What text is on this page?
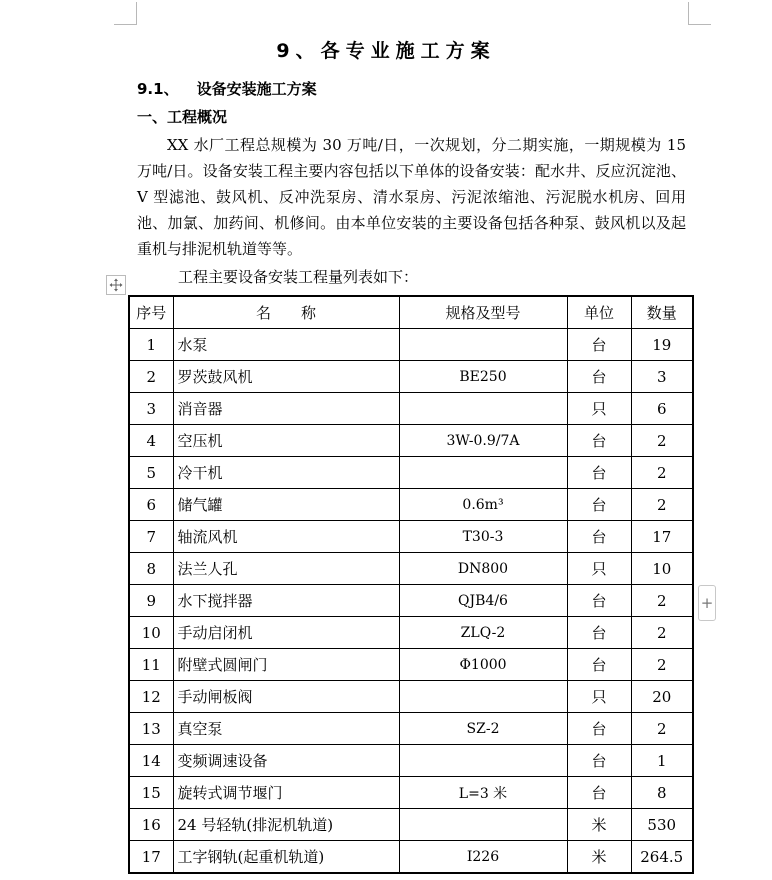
9、各专业施工方案
9.1、 设备安装施工方案
一、工程概况
XX 水厂工程总规模为 30 万吨/日，一次规划，分二期实施，一期规模为 15 万吨/日。设备安装工程主要内容包括以下单体的设备安装：配水井、反应沉淀池、V 型滤池、鼓风机、反冲洗泵房、清水泵房、污泥浓缩池、污泥脱水机房、回用池、加氯、加药间、机修间。由本单位安装的主要设备包括各种泵、鼓风机以及起重机与排泥机轨道等等。
工程主要设备安装工程量列表如下：
+
序号	名　　称	规格及型号	单位	数量
1	水泵		台	19
2	罗茨鼓风机	BE250	台	3
3	消音器		只	6
4	空压机	3W-0.9/7A	台	2
5	冷干机		台	2
6	储气罐	0.6m³	台	2
7	轴流风机	T30-3	台	17
8	法兰人孔	DN800	只	10
9	水下搅拌器	QJB4/6	台	2
10	手动启闭机	ZLQ-2	台	2
11	附壁式圆闸门	Φ1000	台	2
12	手动闸板阀		只	20
13	真空泵	SZ-2	台	2
14	变频调速设备		台	1
15	旋转式调节堰门	L=3 米	台	8
16	24 号轻轨(排泥机轨道)		米	530
17	工字钢轨(起重机轨道)	I226	米	264.5
